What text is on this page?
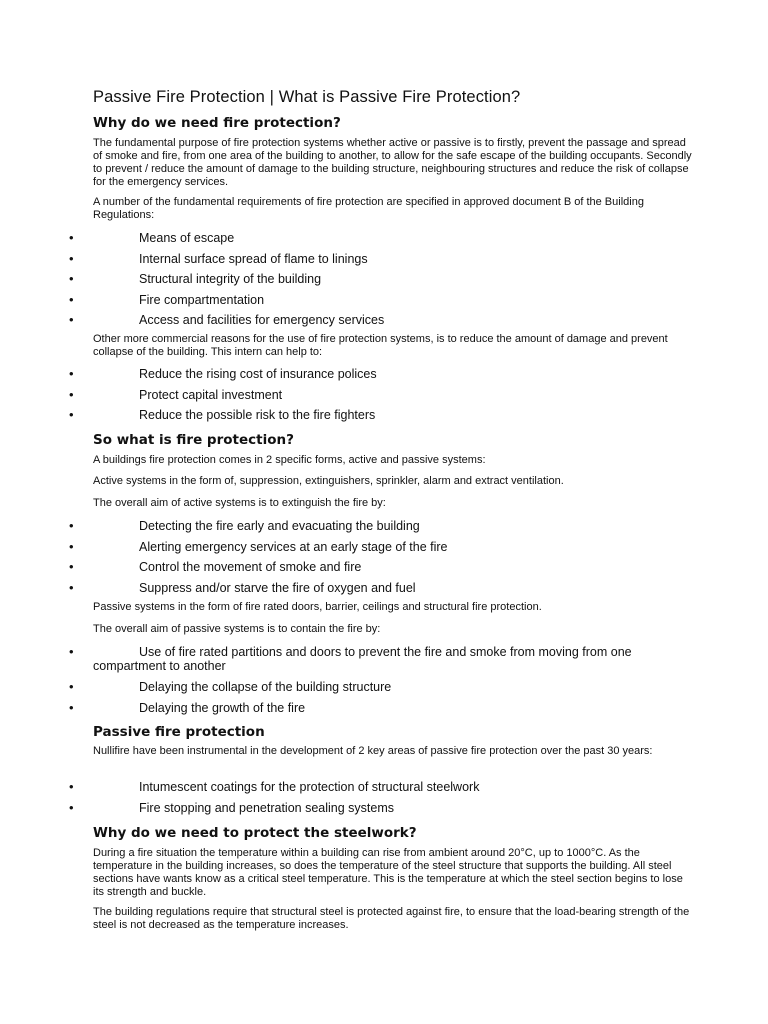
Passive Fire Protection | What is Passive Fire Protection?
Why do we need fire protection?

The fundamental purpose of fire protection systems whether active or passive is to firstly, prevent the passage and spread of smoke and fire, from one area of the building to another, to allow for the safe escape of the building occupants. Secondly to prevent / reduce the amount of damage to the building structure, neighbouring structures and reduce the risk of collapse for the emergency services.

A number of the fundamental requirements of fire protection are specified in approved document B of the Building Regulations:

•	Means of escape
•	Internal surface spread of flame to linings
•	Structural integrity of the building
•	Fire compartmentation
•	Access and facilities for emergency services

Other more commercial reasons for the use of fire protection systems, is to reduce the amount of damage and prevent collapse of the building. This intern can help to:

•	Reduce the rising cost of insurance polices
•	Protect capital investment
•	Reduce the possible risk to the fire fighters
So what is fire protection?

A buildings fire protection comes in 2 specific forms, active and passive systems:

Active systems in the form of, suppression, extinguishers, sprinkler, alarm and extract ventilation.

The overall aim of active systems is to extinguish the fire by:

•	Detecting the fire early and evacuating the building
•	Alerting emergency services at an early stage of the fire
•	Control the movement of smoke and fire
•	Suppress and/or starve the fire of oxygen and fuel

Passive systems in the form of fire rated doors, barrier, ceilings and structural fire protection.

The overall aim of passive systems is to contain the fire by:

•	Use of fire rated partitions and doors to prevent the fire and smoke from moving from one compartment to another
•	Delaying the collapse of the building structure
•	Delaying the growth of the fire
Passive fire protection

Nullifire have been instrumental in the development of 2 key areas of passive fire protection over the past 30 years:

•	Intumescent coatings for the protection of structural steelwork
•	Fire stopping and penetration sealing systems
Why do we need to protect the steelwork?

During a fire situation the temperature within a building can rise from ambient around 20°C, up to 1000°C. As the temperature in the building increases, so does the temperature of the steel structure that supports the building. All steel sections have wants know as a critical steel temperature. This is the temperature at which the steel section begins to lose its strength and buckle.

The building regulations require that structural steel is protected against fire, to ensure that the load-bearing strength of the steel is not decreased as the temperature increases.
